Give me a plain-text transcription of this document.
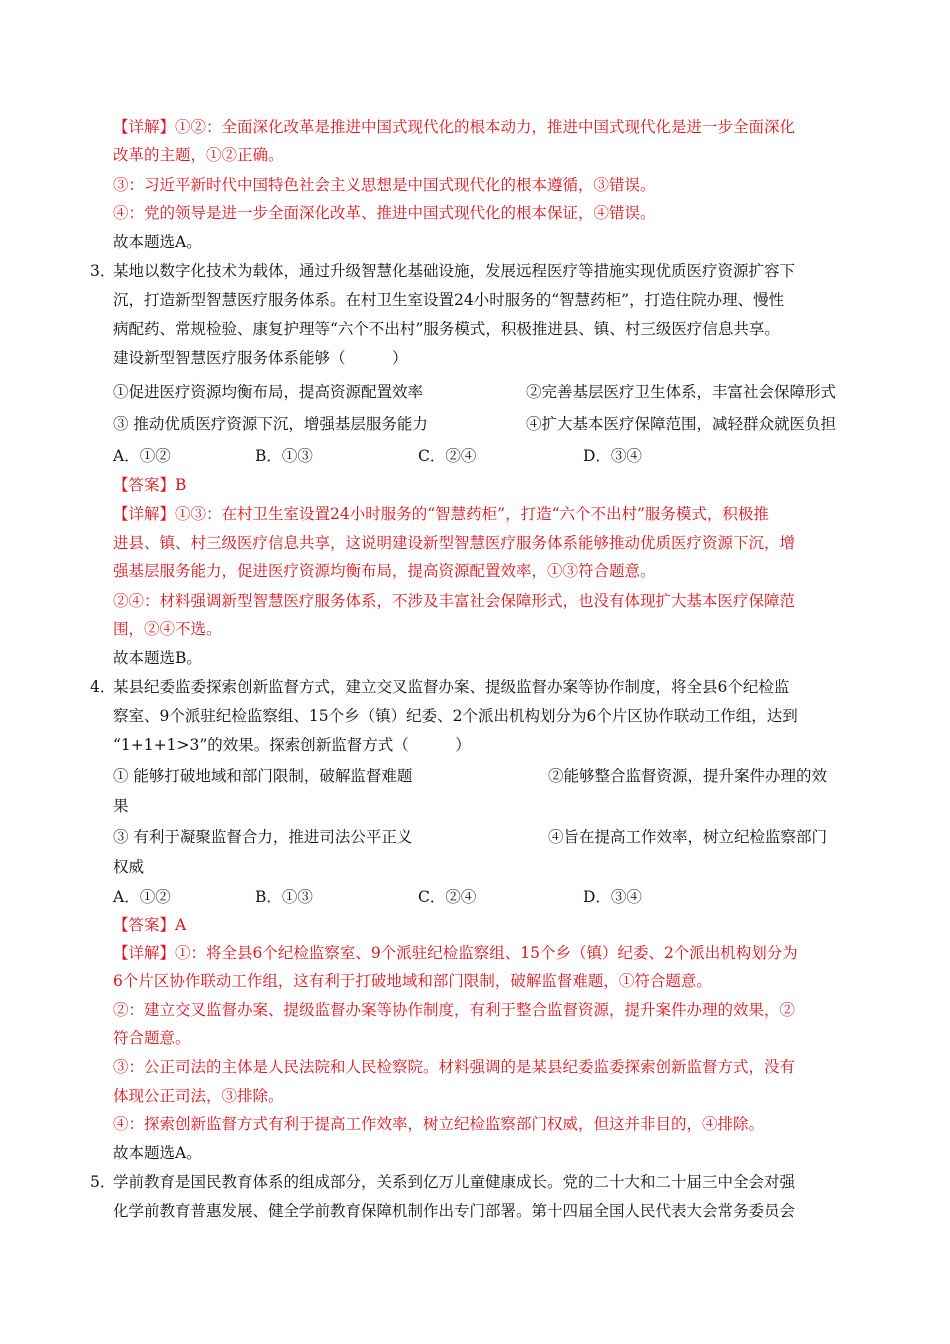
【详解】①②：全面深化改革是推进中国式现代化的根本动力，推进中国式现代化是进一步全面深化
改革的主题，①②正确。
③：习近平新时代中国特色社会主义思想是中国式现代化的根本遵循，③错误。
④：党的领导是进一步全面深化改革、推进中国式现代化的根本保证，④错误。
故本题选A。
3．
某地以数字化技术为载体，通过升级智慧化基础设施，发展远程医疗等措施实现优质医疗资源扩容下
沉，打造新型智慧医疗服务体系。在村卫生室设置24小时服务的“智慧药柜”，打造住院办理、慢性
病配药、常规检验、康复护理等“六个不出村”服务模式，积极推进县、镇、村三级医疗信息共享。
建设新型智慧医疗服务体系能够（　　　）
①促进医疗资源均衡布局，提高资源配置效率	②完善基层医疗卫生体系，丰富社会保障形式
③ 推动优质医疗资源下沉，增强基层服务能力	④扩大基本医疗保障范围，减轻群众就医负担
A．①②	B．①③	C．②④	D．③④
【答案】B
【详解】①③：在村卫生室设置24小时服务的“智慧药柜”，打造“六个不出村”服务模式，积极推
进县、镇、村三级医疗信息共享，这说明建设新型智慧医疗服务体系能够推动优质医疗资源下沉，增
强基层服务能力，促进医疗资源均衡布局，提高资源配置效率，①③符合题意。
②④：材料强调新型智慧医疗服务体系，不涉及丰富社会保障形式，也没有体现扩大基本医疗保障范
围，②④不选。
故本题选B。
4．
某县纪委监委探索创新监督方式，建立交叉监督办案、提级监督办案等协作制度，将全县6个纪检监
察室、9个派驻纪检监察组、15个乡（镇）纪委、2个派出机构划分为6个片区协作联动工作组，达到
“1+1+1>3”的效果。探索创新监督方式（　　　）
① 能够打破地域和部门限制，破解监督难题	②能够整合监督资源，提升案件办理的效
果
③ 有利于凝聚监督合力，推进司法公平正义	④旨在提高工作效率，树立纪检监察部门
权威
A．①②	B．①③	C．②④	D．③④
【答案】A
【详解】①：将全县6个纪检监察室、9个派驻纪检监察组、15个乡（镇）纪委、2个派出机构划分为
6个片区协作联动工作组，这有利于打破地域和部门限制，破解监督难题，①符合题意。
②：建立交叉监督办案、提级监督办案等协作制度，有利于整合监督资源，提升案件办理的效果，②
符合题意。
③：公正司法的主体是人民法院和人民检察院。材料强调的是某县纪委监委探索创新监督方式，没有
体现公正司法，③排除。
④：探索创新监督方式有利于提高工作效率，树立纪检监察部门权威，但这并非目的，④排除。
故本题选A。
5．
学前教育是国民教育体系的组成部分，关系到亿万儿童健康成长。党的二十大和二十届三中全会对强
化学前教育普惠发展、健全学前教育保障机制作出专门部署。第十四届全国人民代表大会常务委员会
